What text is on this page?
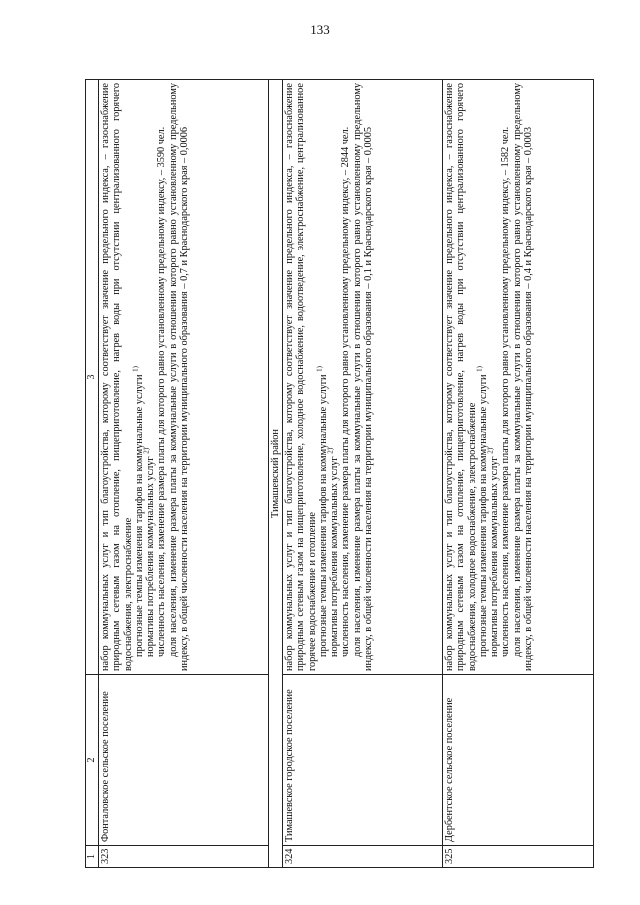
133
1	2	3
323	Фонталовское сельское поселение	набор коммунальных услуг и тип благоустройства, которому соответствует значение предельного индекса, – газоснабжение природным сетевым газом на отопление, пищеприготовление, нагрев воды при отсутствии централизованного горячего водоснабжения, электроснабжение прогнозные темпы изменения тарифов на коммунальные услуги $^{1)}$

нормативы потребления коммунальных услуг $^{2)}$ численность населения, изменение размера платы для которого равно установленному предельному индексу, – 3590 чел. доля населения, изменение размера платы за коммунальные услуги в отношении которого равно установленному предельному индексу, в общей численности населения на территории муниципального образования – 0,7 и Краснодарского края – 0,0006

Тимашевский район		
324	Тимашевское городское поселение	набор коммунальных услуг и тип благоустройства, которому соответствует значение предельного индекса, – газоснабжение природным сетевым газом на пищеприготовление, холодное водоснабжение, водоотведение, электроснабжение, централизованное горячее водоснабжение и отопление прогнозные темпы изменения тарифов на коммунальные услуги $^{1)}$

нормативы потребления коммунальных услуг $^{2)}$ численность населения, изменение размера платы для которого равно установленному предельному индексу, – 2844 чел. доля населения, изменение размера платы за коммунальные услуги в отношении которого равно установленному предельному индексу, в общей численности населения на территории муниципального образования – 0,1 и Краснодарского края – 0,0005

325	Дербентское сельское поселение	набор коммунальных услуг и тип благоустройства, которому соответствует значение предельного индекса, – газоснабжение природным сетевым газом на отопление, пищеприготовление, нагрев воды при отсутствии централизованного горячего водоснабжения, холодное водоснабжение, электроснабжение прогнозные темпы изменения тарифов на коммунальные услуги $^{1)}$

нормативы потребления коммунальных услуг $^{2)}$ численность населения, изменение размера платы для которого равно установленному предельному индексу, – 1582 чел. доля населения, изменение размера платы за коммунальные услуги в отношении которого равно установленному предельному индексу, в общей численности населения на территории муниципального образования – 0,4 и Краснодарского края – 0,0003
